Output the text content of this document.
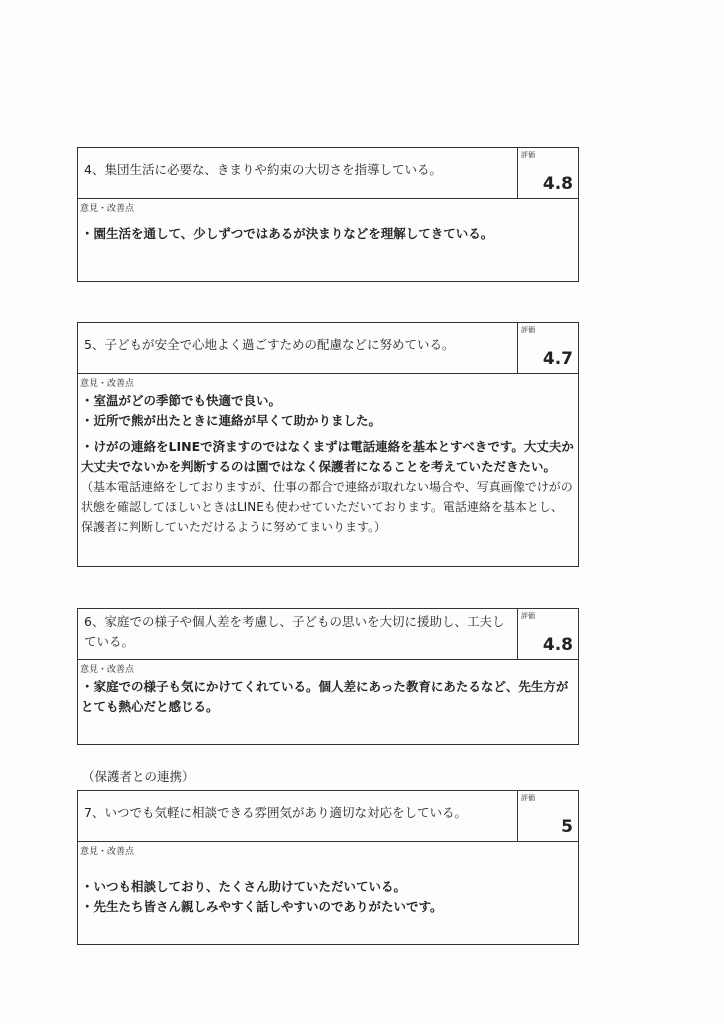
4、集団生活に必要な、きまりや約束の大切さを指導している。
評価
4.8
意見・改善点
・園生活を通して、少しずつではあるが決まりなどを理解してきている。
5、子どもが安全で心地よく過ごすための配慮などに努めている。
評価
4.7
意見・改善点
・室温がどの季節でも快適で良い。
・近所で熊が出たときに連絡が早くて助かりました。
・けがの連絡をLINEで済ますのではなくまずは電話連絡を基本とすべきです。大丈夫か大丈夫でないかを判断するのは園ではなく保護者になることを考えていただきたい。
（基本電話連絡をしておりますが、仕事の都合で連絡が取れない場合や、写真画像でけがの状態を確認してほしいときはLINEも使わせていただいております。電話連絡を基本とし、保護者に判断していただけるように努めてまいります。）
6、家庭での様子や個人差を考慮し、子どもの思いを大切に援助し、工夫している。
評価
4.8
意見・改善点
・家庭での様子も気にかけてくれている。個人差にあった教育にあたるなど、先生方がとても熱心だと感じる。
（保護者との連携）
7、いつでも気軽に相談できる雰囲気があり適切な対応をしている。
評価
5
意見・改善点
・いつも相談しており、たくさん助けていただいている。
・先生たち皆さん親しみやすく話しやすいのでありがたいです。
